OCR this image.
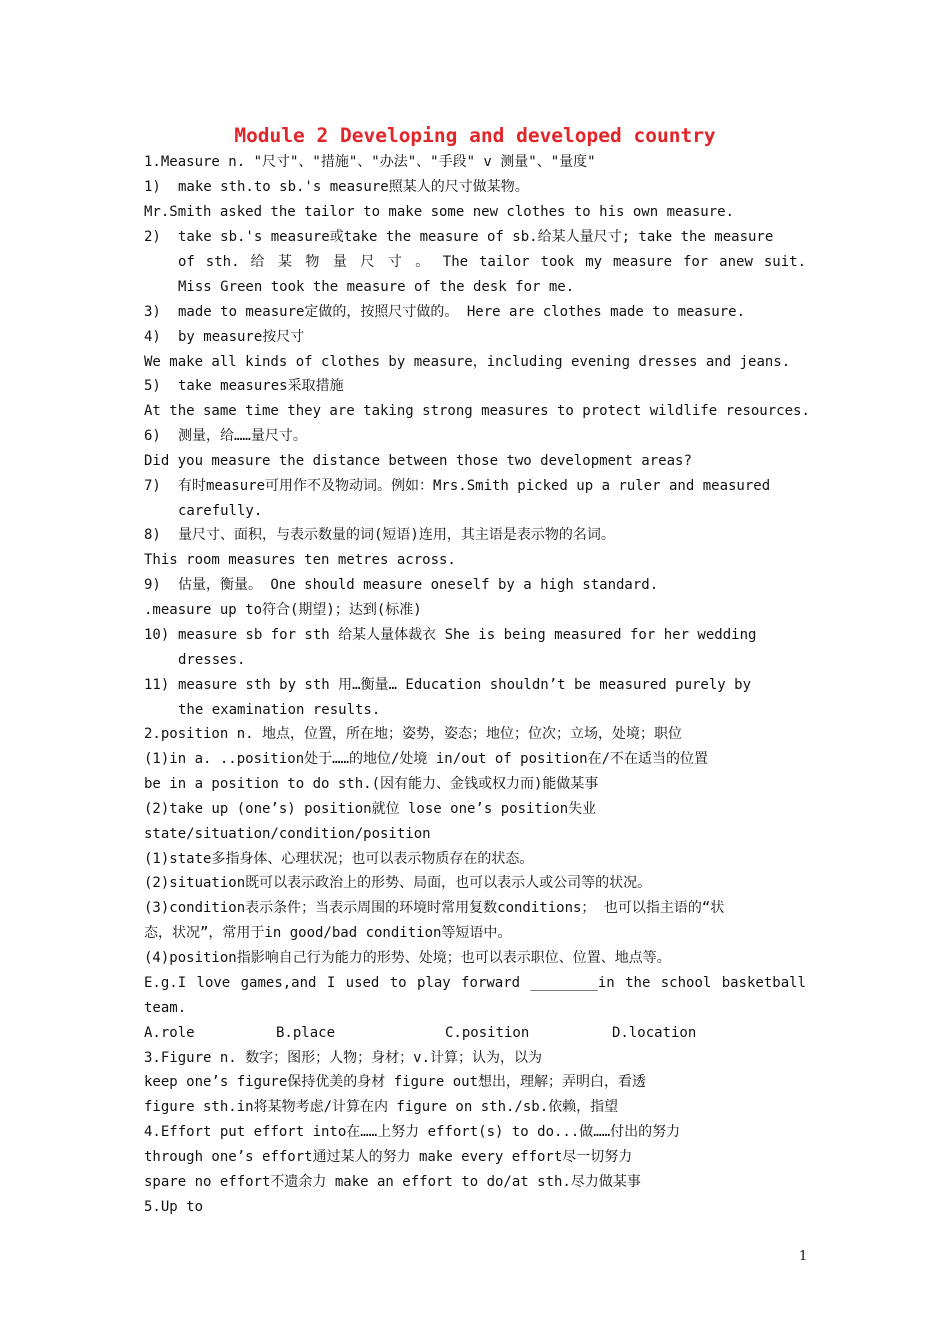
Module 2 Developing and developed country
1.Measure n. "尺寸"、"措施"、"办法"、"手段" v 测量"、"量度"
1) make sth.to sb.'s measure照某人的尺寸做某物。
Mr.Smith asked the tailor to make some new clothes to his own measure.
2) take sb.'s measure或take the measure of sb.给某人量尺寸; take the measure
of sth. 给 某 物 量 尺 寸 。 The tailor took my measure for anew suit.
Miss Green took the measure of the desk for me.
3) made to measure定做的，按照尺寸做的。 Here are clothes made to measure.
4) by measure按尺寸
We make all kinds of clothes by measure，including evening dresses and jeans.
5) take measures采取措施
At the same time they are taking strong measures to protect wildlife resources.
6) 测量，给……量尺寸。
Did you measure the distance between those two development areas?
7) 有时measure可用作不及物动词。例如：Mrs.Smith picked up a ruler and measured
carefully.
8) 量尺寸、面积，与表示数量的词(短语)连用，其主语是表示物的名词。
This room measures ten metres across.
9) 估量，衡量。 One should measure oneself by a high standard.
.measure up to符合(期望)；达到(标准)
10) measure sb for sth 给某人量体裁衣 She is being measured for her wedding
dresses.
11) measure sth by sth 用…衡量… Education shouldn’t be measured purely by
the examination results.
2.position n. 地点，位置，所在地；姿势，姿态；地位；位次；立场，处境；职位
(1)in a. ..position处于……的地位/处境 in/out of position在/不在适当的位置
be in a position to do sth.(因有能力、金钱或权力而)能做某事
(2)take up (one’s) position就位 lose one’s position失业
state/situation/condition/position
(1)state多指身体、心理状况；也可以表示物质存在的状态。
(2)situation既可以表示政治上的形势、局面，也可以表示人或公司等的状况。
(3)condition表示条件；当表示周围的环境时常用复数conditions； 也可以指主语的“状
态，状况”，常用于in good/bad condition等短语中。
(4)position指影响自己行为能力的形势、处境；也可以表示职位、位置、地点等。
E.g.I love games,and I used to play forward ________in the school basketball
team.
A.role	B.place	C.position	D.location
3.Figure n. 数字；图形；人物；身材；v.计算；认为，以为
keep one’s figure保持优美的身材 figure out想出，理解；弄明白，看透
figure sth.in将某物考虑/计算在内 figure on sth./sb.依赖，指望
4.Effort put effort into在……上努力 effort(s) to do...做……付出的努力
through one’s effort通过某人的努力 make every effort尽一切努力
spare no effort不遗余力 make an effort to do/at sth.尽力做某事
5.Up to
1
